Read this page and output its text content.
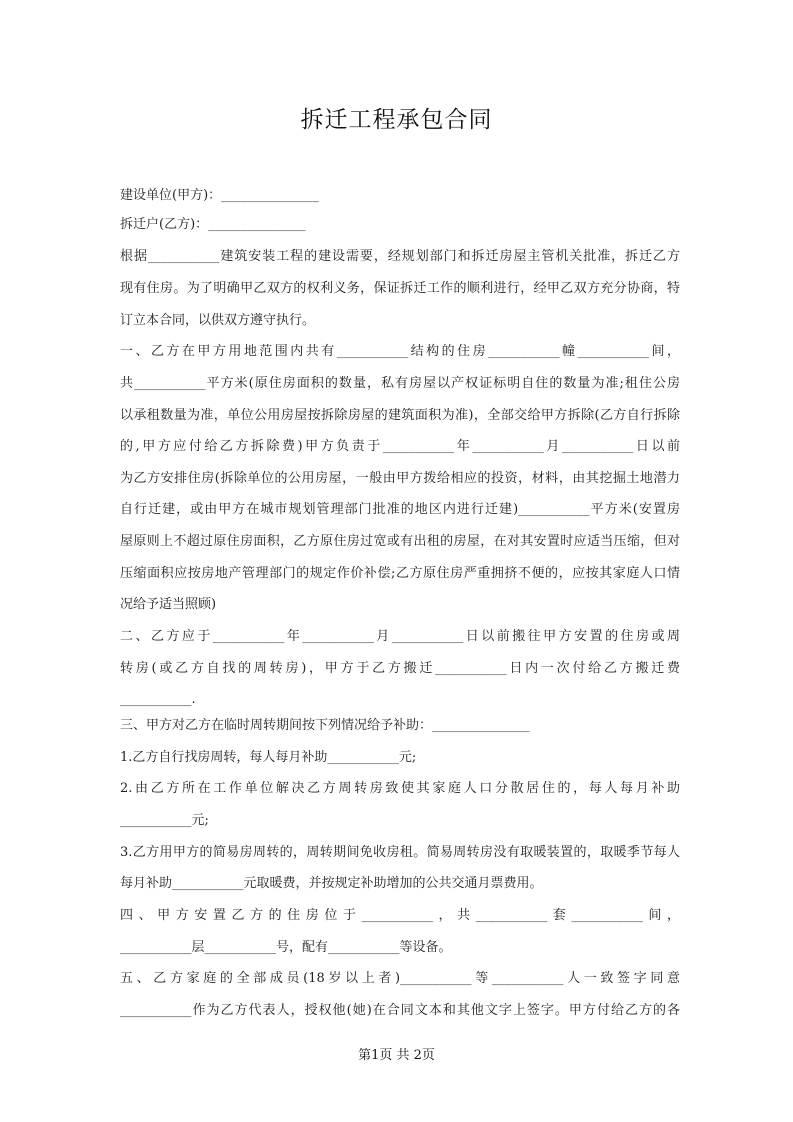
拆迁工程承包合同
建设单位(甲方)：_______________
拆迁户(乙方)：_______________
根据___________建筑安装工程的建设需要，经规划部门和拆迁房屋主管机关批准，拆迁乙方
现有住房。为了明确甲乙双方的权利义务，保证拆迁工作的顺利进行，经甲乙双方充分协商，特
订立本合同，以供双方遵守执行。
一、乙方在甲方用地范围内共有___________结构的住房___________幢___________间，
共___________平方米(原住房面积的数量，私有房屋以产权证标明自住的数量为准;租住公房
以承租数量为准，单位公用房屋按拆除房屋的建筑面积为准)，全部交给甲方拆除(乙方自行拆除
的,甲方应付给乙方拆除费)甲方负责于___________年___________月___________日以前
为乙方安排住房(拆除单位的公用房屋，一般由甲方拨给相应的投资，材料，由其挖掘土地潜力
自行迁建，或由甲方在城市规划管理部门批准的地区内进行迁建)___________平方米(安置房
屋原则上不超过原住房面积，乙方原住房过宽或有出租的房屋，在对其安置时应适当压缩，但对
压缩面积应按房地产管理部门的规定作价补偿;乙方原住房严重拥挤不便的，应按其家庭人口情
况给予适当照顾)
二、乙方应于___________年___________月___________日以前搬往甲方安置的住房或周
转房(或乙方自找的周转房)，甲方于乙方搬迁___________日内一次付给乙方搬迁费
___________.
三、甲方对乙方在临时周转期间按下列情况给予补助：_______________
1.乙方自行找房周转，每人每月补助___________元;
2.由乙方所在工作单位解决乙方周转房致使其家庭人口分散居住的，每人每月补助
___________元;
3.乙方用甲方的简易房周转的，周转期间免收房租。简易周转房没有取暖装置的，取暖季节每人
每月补助___________元取暖费，并按规定补助增加的公共交通月票费用。
四、甲方安置乙方的住房位于___________，共___________套___________间，
___________层___________号，配有___________等设备。
五、乙方家庭的全部成员(18岁以上者)___________等___________人一致签字同意
___________作为乙方代表人，授权他(她)在合同文本和其他文字上签字。甲方付给乙方的各
第1页 共 2页
